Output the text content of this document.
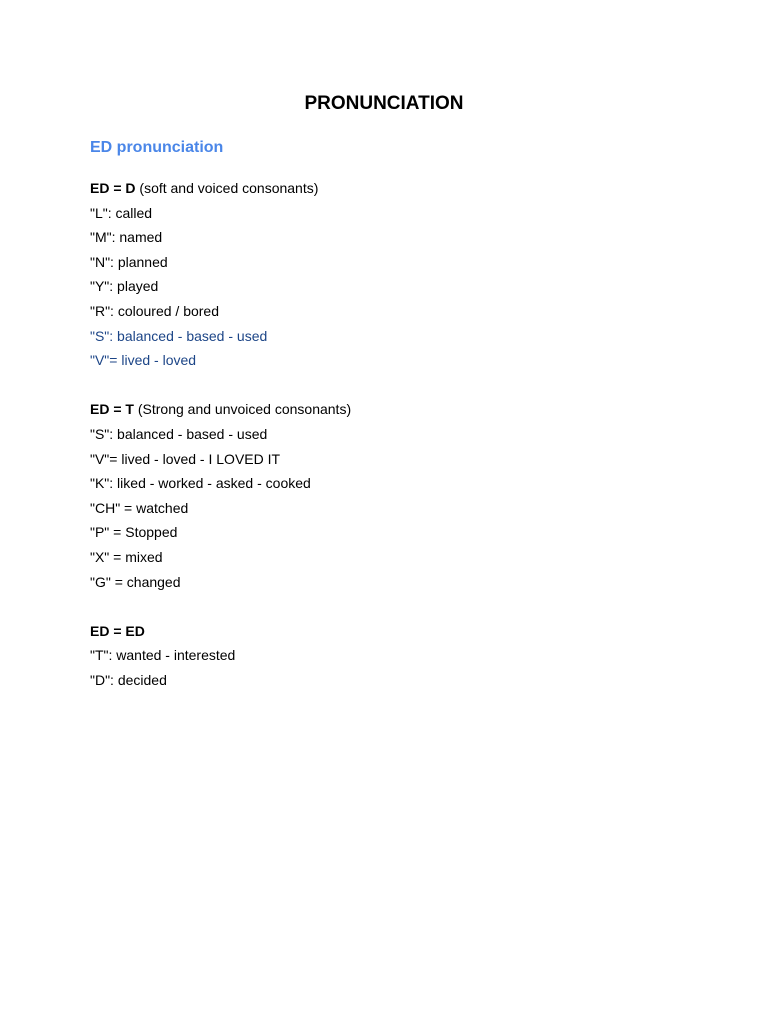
PRONUNCIATION
ED pronunciation
ED = D (soft and voiced consonants)
"L": called
"M": named
"N": planned
"Y": played
"R": coloured / bored
"S": balanced - based - used
"V"= lived - loved
ED = T (Strong and unvoiced consonants)
"S": balanced - based - used
"V"= lived - loved - I LOVED IT
"K": liked - worked - asked - cooked
"CH" = watched
"P" = Stopped
"X" = mixed
"G" = changed
ED = ED
"T": wanted - interested
"D": decided
